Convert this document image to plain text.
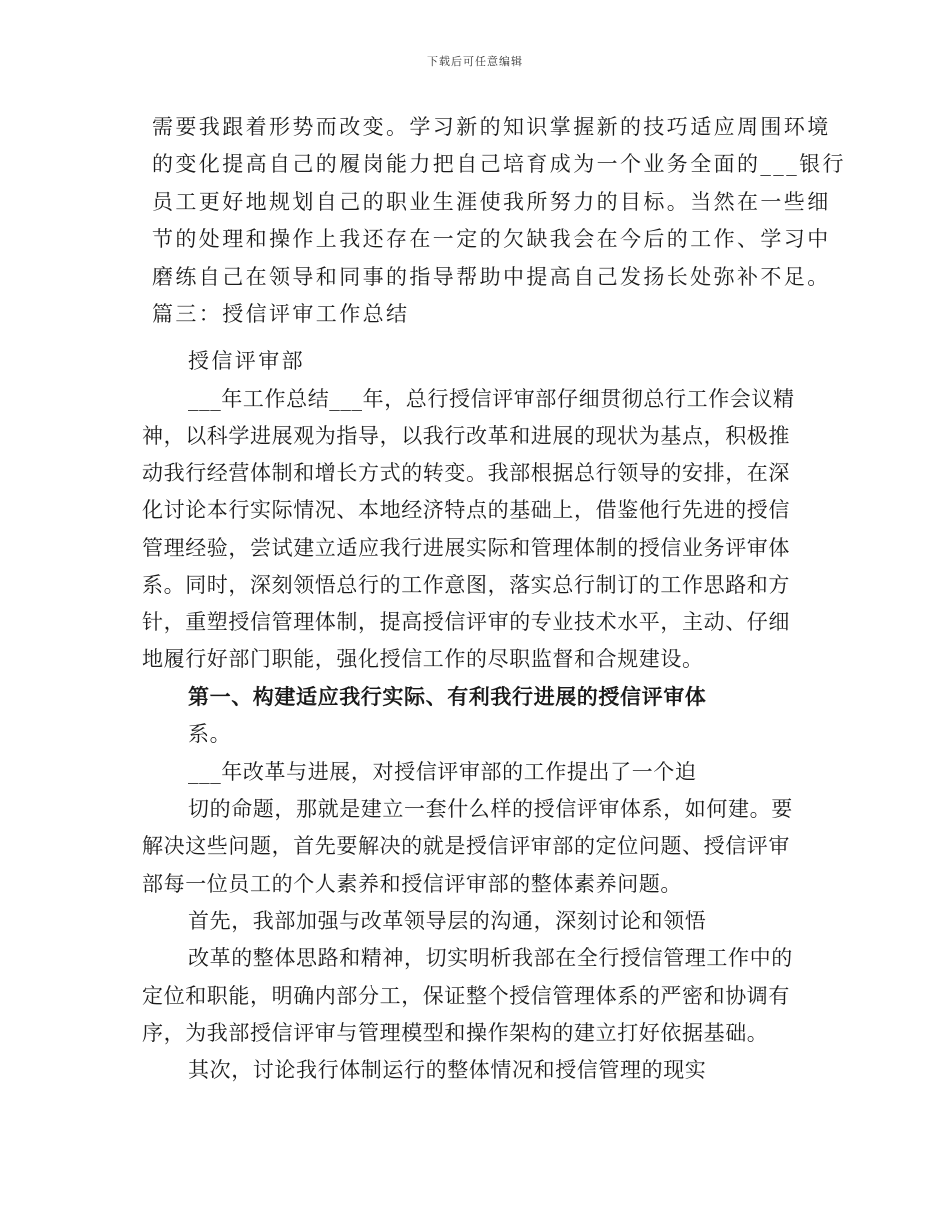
下载后可任意编辑
需要我跟着形势而改变。学习新的知识掌握新的技巧适应周围环境
的变化提高自己的履岗能力把自己培育成为一个业务全面的___银行
员工更好地规划自己的职业生涯使我所努力的目标。当然在一些细
节的处理和操作上我还存在一定的欠缺我会在今后的工作、学习中
磨练自己在领导和同事的指导帮助中提高自己发扬长处弥补不足。
篇三：授信评审工作总结
授信评审部
___年工作总结___年，总行授信评审部仔细贯彻总行工作会议精
神，以科学进展观为指导，以我行改革和进展的现状为基点，积极推
动我行经营体制和增长方式的转变。我部根据总行领导的安排，在深
化讨论本行实际情况、本地经济特点的基础上，借鉴他行先进的授信
管理经验，尝试建立适应我行进展实际和管理体制的授信业务评审体
系。同时，深刻领悟总行的工作意图，落实总行制订的工作思路和方
针，重塑授信管理体制，提高授信评审的专业技术水平，主动、仔细
地履行好部门职能，强化授信工作的尽职监督和合规建设。
第一、构建适应我行实际、有利我行进展的授信评审体
系。
___年改革与进展，对授信评审部的工作提出了一个迫
切的命题，那就是建立一套什么样的授信评审体系，如何建。要
解决这些问题，首先要解决的就是授信评审部的定位问题、授信评审
部每一位员工的个人素养和授信评审部的整体素养问题。
首先，我部加强与改革领导层的沟通，深刻讨论和领悟
改革的整体思路和精神，切实明析我部在全行授信管理工作中的
定位和职能，明确内部分工，保证整个授信管理体系的严密和协调有
序，为我部授信评审与管理模型和操作架构的建立打好依据基础。
其次，讨论我行体制运行的整体情况和授信管理的现实
